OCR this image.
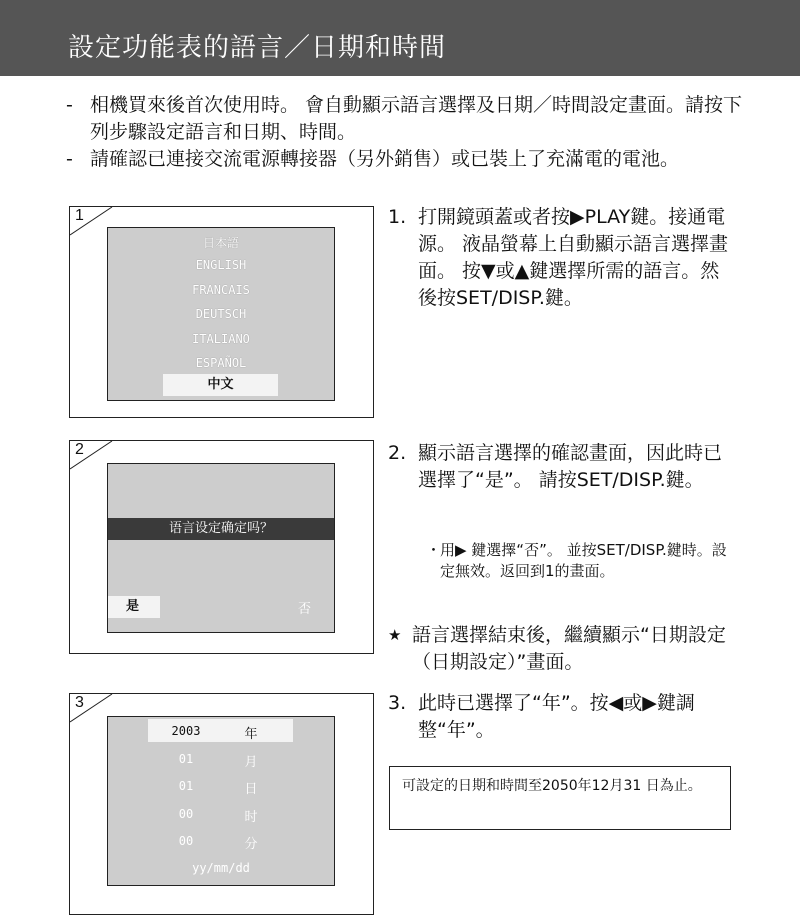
設定功能表的語言／日期和時間
- 相機買來後首次使用時。 會自動顯示語言選擇及日期／時間設定畫面。請按下列步驟設定語言和日期、時間。
- 請確認已連接交流電源轉接器（另外銷售）或已裝上了充滿電的電池。
1
日本語
ENGLISH
FRANCAIS
DEUTSCH
ITALIANO
ESPAÑOL
中文
2
语言设定确定吗？
是	否
3
2003	年
01	月
01	日
00	时
00	分
yy/mm/dd
1. 打開鏡頭蓋或者按▶PLAY鍵。接通電源。 液晶螢幕上自動顯示語言選擇畫面。 按▼或▲鍵選擇所需的語言。然後按SET/DISP.鍵。
2. 顯示語言選擇的確認畫面，因此時已選擇了“是”。 請按SET/DISP.鍵。
・
用▶ 鍵選擇“否”。 並按SET/DISP.鍵時。設定無效。返回到1的畫面。
★ 語言選擇結束後，繼續顯示“日期設定（日期設定）”畫面。
3. 此時已選擇了“年”。按◀或▶鍵調整“年”。
可設定的日期和時間至2050年12月31 日為止。
